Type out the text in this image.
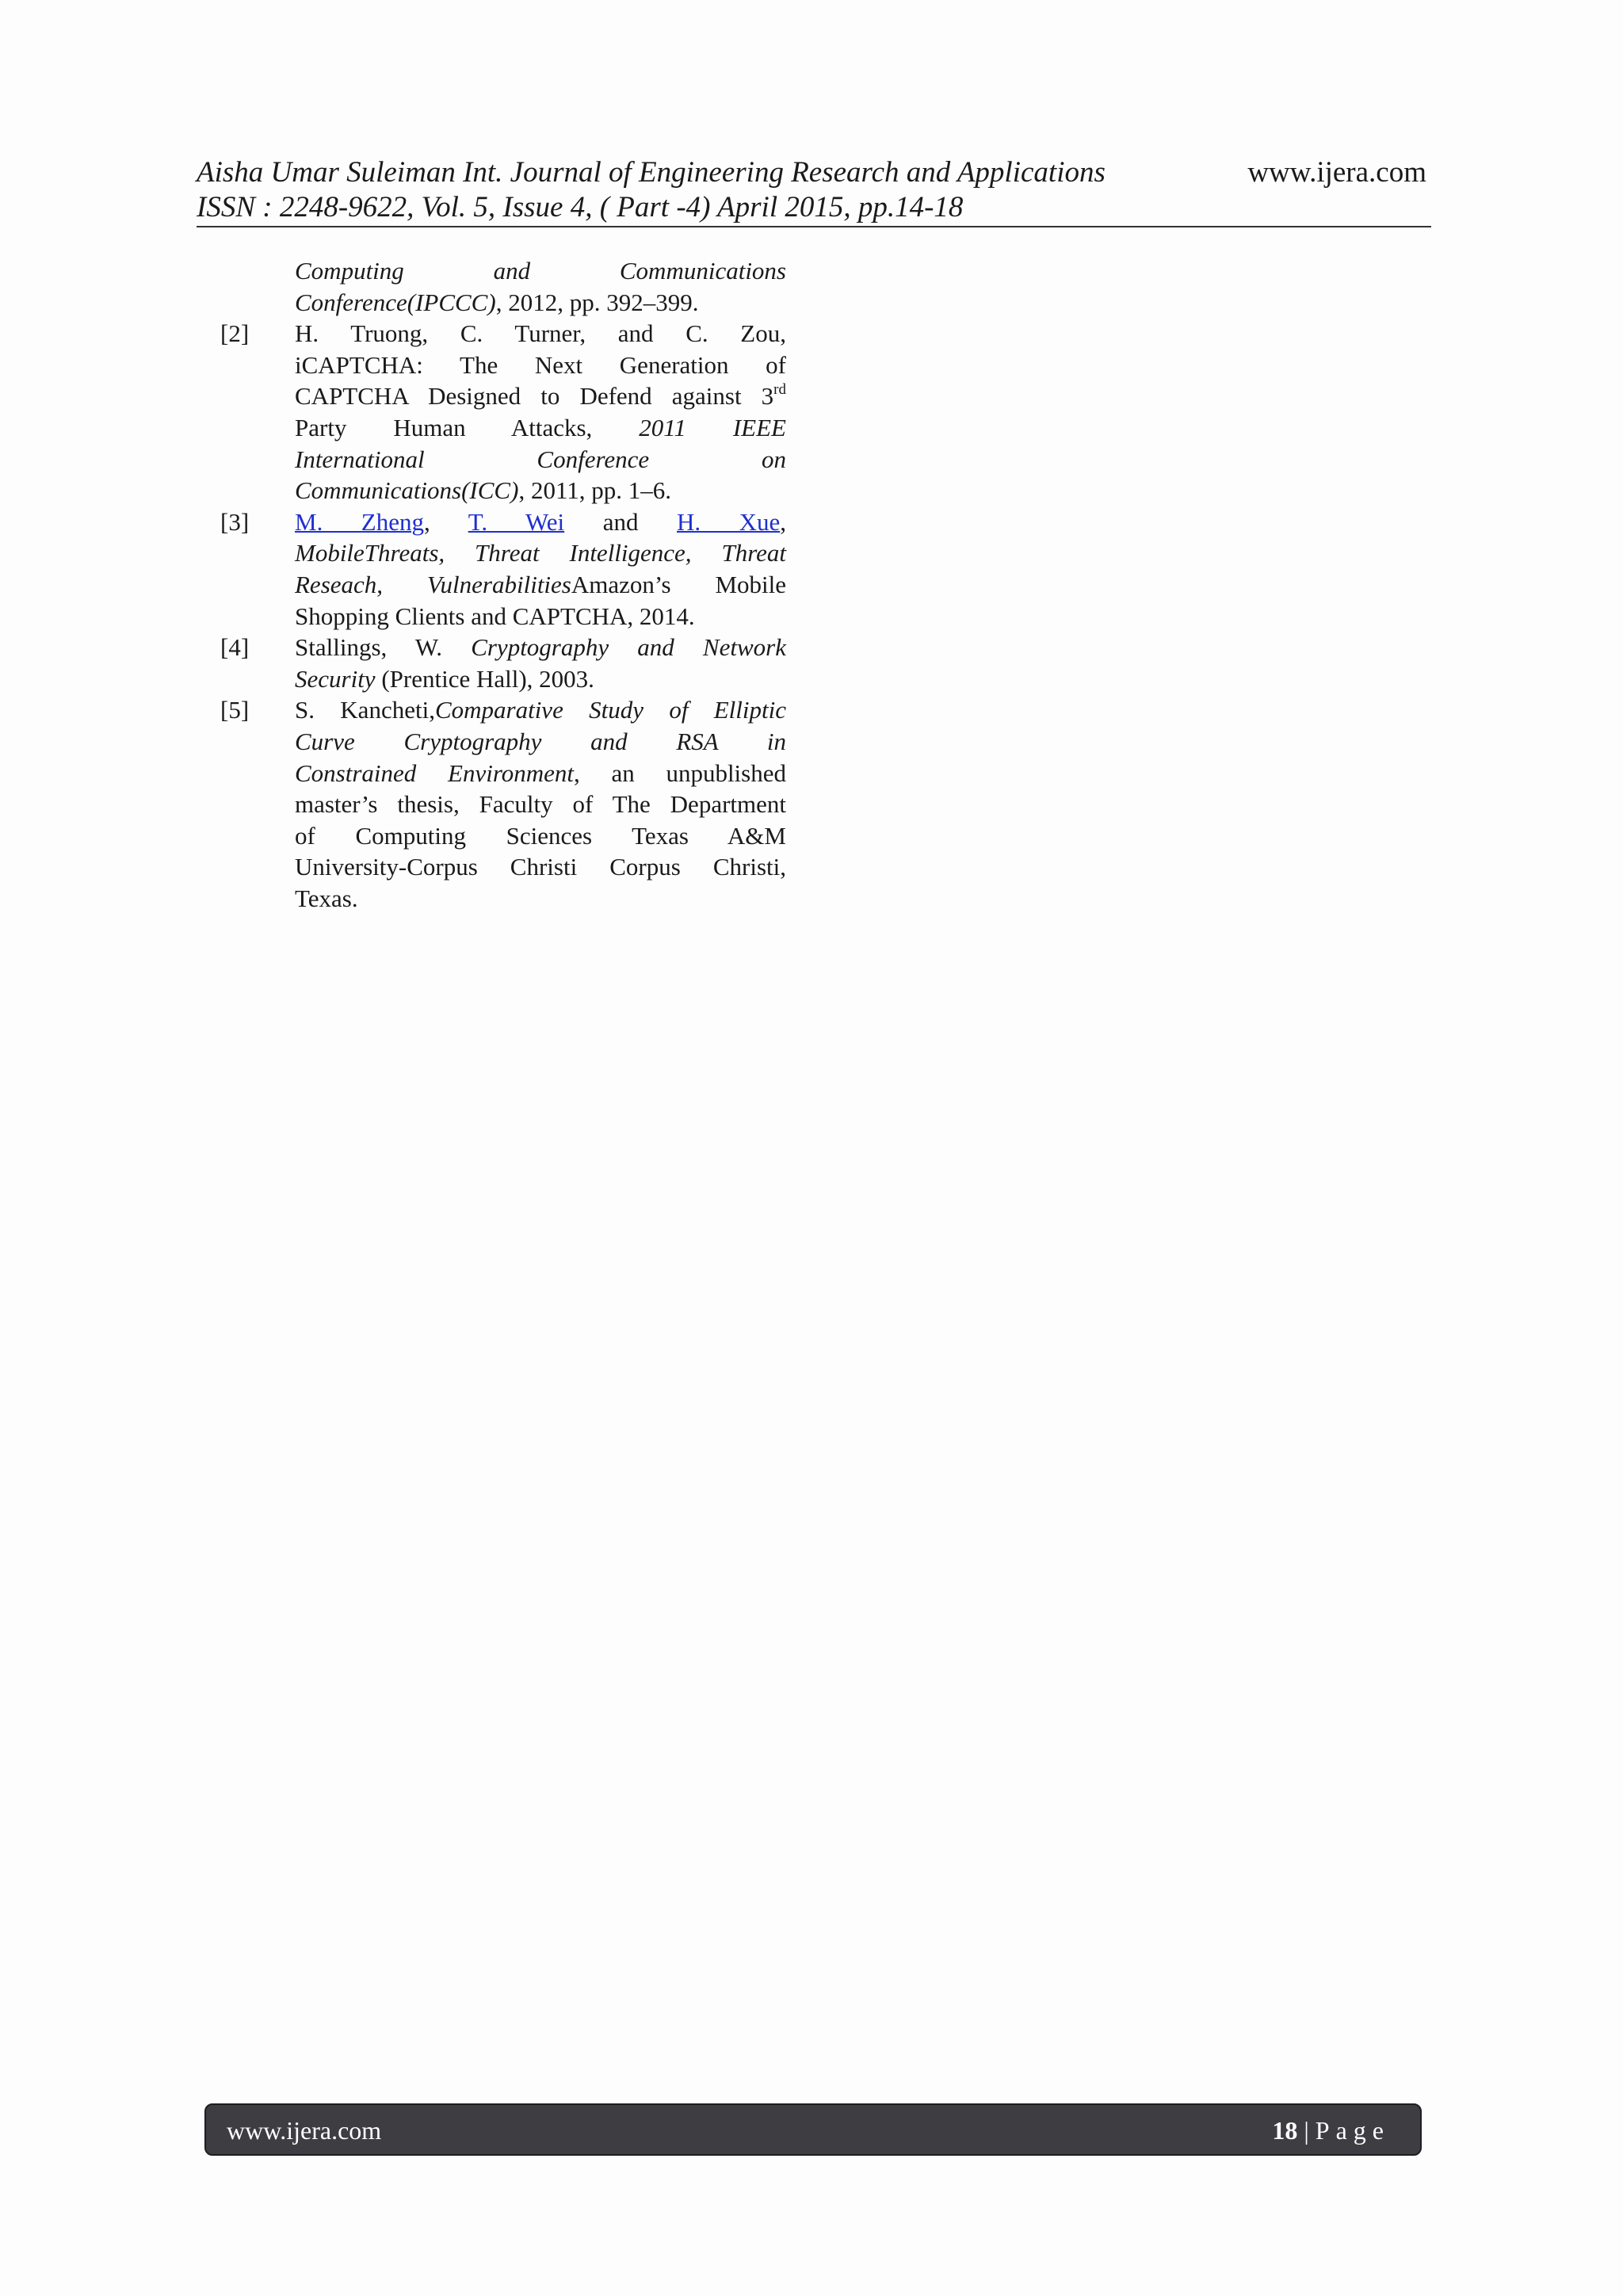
Aisha Umar Suleiman Int. Journal of Engineering Research and Applications	www.ijera.com
ISSN : 2248-9622, Vol. 5, Issue 4, ( Part -4) April 2015, pp.14-18
Computing and Communications
Conference(IPCCC), 2012, pp. 392–399.
[2] H. Truong, C. Turner, and C. Zou,
iCAPTCHA: The Next Generation of
CAPTCHA Designed to Defend against 3rd
Party Human Attacks, 2011 IEEE
International Conference on
Communications(ICC), 2011, pp. 1–6.
[3] M. Zheng, T. Wei and H. Xue,
MobileThreats, Threat Intelligence, Threat
Reseach, VulnerabilitiesAmazon’s Mobile
Shopping Clients and CAPTCHA, 2014.
[4] Stallings, W. Cryptography and Network
Security (Prentice Hall), 2003.
[5] S. Kancheti,Comparative Study of Elliptic
Curve Cryptography and RSA in
Constrained Environment, an unpublished
master’s thesis, Faculty of The Department
of Computing Sciences Texas A&M
University-Corpus Christi Corpus Christi,
Texas.
www.ijera.com	18 | Page
